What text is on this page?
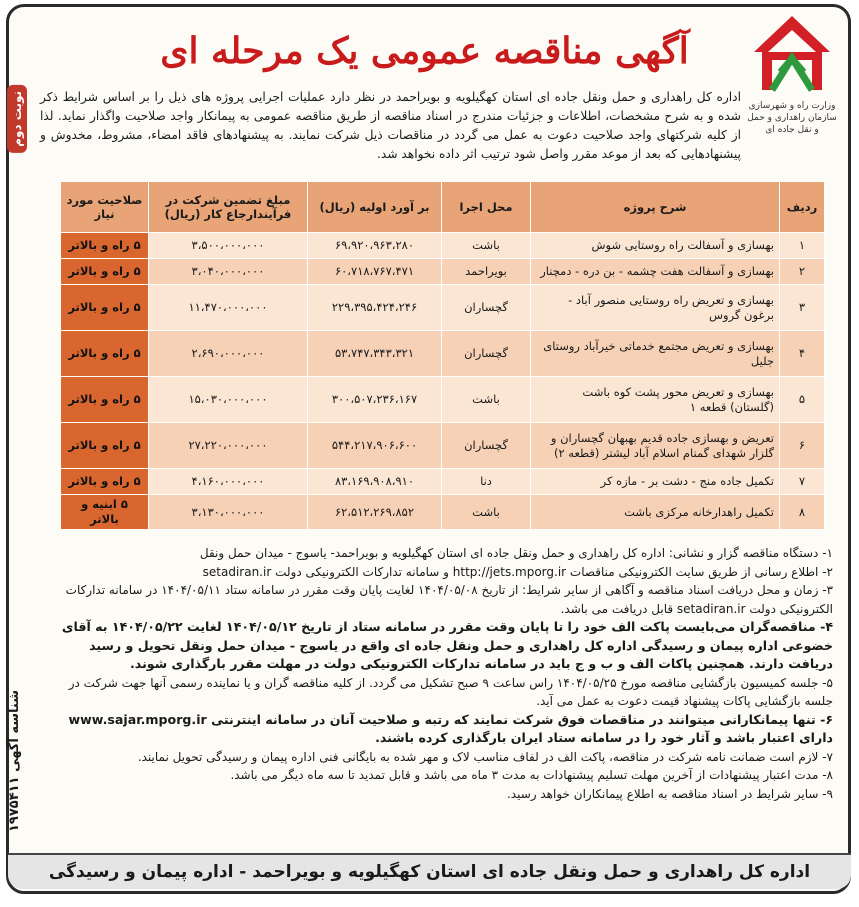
نوبت دوم
شناسه آگهی ۱۹۷۵۴۱۱
وزارت راه و شهرسازی
سازمان راهداری و حمل و نقل جاده ای
آگهی مناقصه عمومی یک مرحله ای
اداره کل راهداری و حمل ونقل جاده ای استان کهگیلویه و بویراحمد در نظر دارد عملیات اجرایی پروژه های ذیل را بر اساس شرایط ذکر شده و به شرح مشخصات، اطلاعات و جزئیات مندرج در اسناد مناقصه از طریق مناقصه عمومی به پیمانکار واجد صلاحیت واگذار نماید. لذا از کلیه شرکتهای واجد صلاحیت دعوت به عمل می گردد در مناقصات ذیل شرکت نمایند. به پیشنهادهای فاقد امضاء، مشروط، مخدوش و پیشنهادهایی که بعد از موعد مقرر واصل شود ترتیب اثر داده نخواهد شد.
ردیف	شرح پروژه	محل اجرا	بر آورد اولیه (ریال)	مبلغ تضمین شرکت در فرآیندارجاع کار (ریال)	صلاحیت مورد نیاز
۱	بهسازی و آسفالت راه روستایی شوش	باشت	۶۹،۹۲۰،۹۶۳،۲۸۰	۳،۵۰۰،۰۰۰،۰۰۰	۵ راه و بالاتر
۲	بهسازی و آسفالت هفت چشمه - بن دره - دمچنار	بویراحمد	۶۰،۷۱۸،۷۶۷،۴۷۱	۳،۰۴۰،۰۰۰،۰۰۰	۵ راه و بالاتر
۳	بهسازی و تعریض راه روستایی منصور آباد - برغون گروس	گچساران	۲۲۹،۳۹۵،۴۲۴،۲۴۶	۱۱،۴۷۰،۰۰۰،۰۰۰	۵ راه و بالاتر
۴	بهسازی و تعریض مجتمع خدماتی خیرآباد روستای جلیل	گچساران	۵۳،۷۴۷،۳۴۳،۳۲۱	۲،۶۹۰،۰۰۰،۰۰۰	۵ راه و بالاتر
۵	بهسازی و تعریض محور پشت کوه باشت (گلستان) قطعه ۱	باشت	۳۰۰،۵۰۷،۲۳۶،۱۶۷	۱۵،۰۳۰،۰۰۰،۰۰۰	۵ راه و بالاتر
۶	تعریض و بهسازی جاده قدیم بهبهان گچساران و گلزار شهدای گمنام اسلام آباد لیشتر (قطعه ۲)	گچساران	۵۴۴،۲۱۷،۹۰۶،۶۰۰	۲۷،۲۲۰،۰۰۰،۰۰۰	۵ راه و بالاتر
۷	تکمیل جاده منج - دشت بر - مازه کر	دنا	۸۳،۱۶۹،۹۰۸،۹۱۰	۴،۱۶۰،۰۰۰،۰۰۰	۵ راه و بالاتر
۸	تکمیل راهدارخانه مرکزی باشت	باشت	۶۲،۵۱۲،۲۶۹،۸۵۲	۳،۱۳۰،۰۰۰،۰۰۰	۵ ابنیه و بالاتر

۱- دستگاه مناقصه گزار و نشانی: اداره کل راهداری و حمل ونقل جاده ای استان کهگیلویه و بویراحمد- یاسوج - میدان حمل ونقل

۲- اطلاع رسانی از طریق سایت الکترونیکی مناقصات http://jets.mporg.ir و سامانه تدارکات الکترونیکی دولت setadiran.ir

۳- زمان و محل دریافت اسناد مناقصه و آگاهی از سایر شرایط: از تاریخ ۱۴۰۴/۰۵/۰۸ لغایت پایان وقت مقرر در سامانه ستاد ۱۴۰۴/۰۵/۱۱ در سامانه تدارکات الکترونیکی دولت setadiran.ir قابل دریافت می باشد.

۴- مناقصه‌گران می‌بایست پاکت الف خود را تا پایان وقت مقرر در سامانه ستاد از تاریخ ۱۴۰۴/۰۵/۱۲ لغایت ۱۴۰۴/۰۵/۲۲ به آقای خضوعی اداره پیمان و رسیدگی اداره کل راهداری و حمل ونقل جاده ای واقع در یاسوج - میدان حمل ونقل تحویل و رسید دریافت دارند. همچنین پاکات الف و ب و ج باید در سامانه تدارکات الکترونیکی دولت در مهلت مقرر بارگذاری شوند.

۵- جلسه کمیسیون بازگشایی مناقصه مورخ ۱۴۰۴/۰۵/۲۵ راس ساعت ۹ صبح تشکیل می گردد. از کلیه مناقصه گران و یا نماینده رسمی آنها جهت شرکت در جلسه بازگشایی پاکات پیشنهاد قیمت دعوت به عمل می آید.

۶- تنها پیمانکارانی میتوانند در مناقصات فوق شرکت نمایند که رتبه و صلاحیت آنان در سامانه اینترنتی www.sajar.mporg.ir دارای اعتبار باشد و آثار خود را در سامانه ستاد ایران بارگذاری کرده باشند.

۷- لازم است ضمانت نامه شرکت در مناقصه، پاکت الف در لفاف مناسب لاک و مهر شده به بایگانی فنی اداره پیمان و رسیدگی تحویل نمایند.

۸- مدت اعتبار پیشنهادات از آخرین مهلت تسلیم پیشنهادات به مدت ۳ ماه می باشد و قابل تمدید تا سه ماه دیگر می باشد.

۹- سایر شرایط در اسناد مناقصه به اطلاع پیمانکاران خواهد رسید.

اداره کل راهداری و حمل ونقل جاده ای استان کهگیلویه و بویراحمد - اداره پیمان و رسیدگی
